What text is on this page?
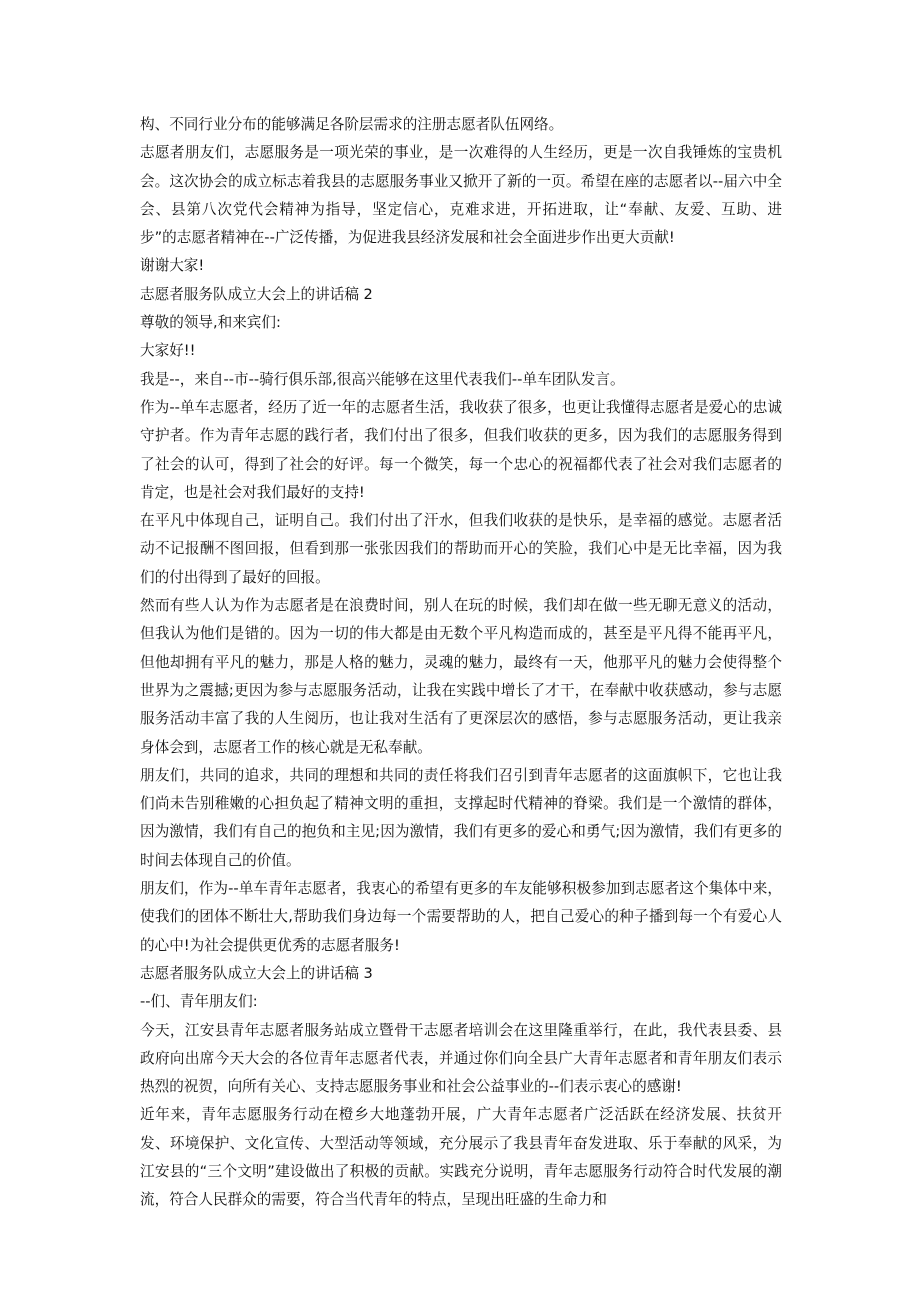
构、不同行业分布的能够满足各阶层需求的注册志愿者队伍网络。

志愿者朋友们，志愿服务是一项光荣的事业，是一次难得的人生经历，更是一次自我锤炼的宝贵机会。这次协会的成立标志着我县的志愿服务事业又掀开了新的一页。希望在座的志愿者以--届六中全会、县第八次党代会精神为指导，坚定信心，克难求进，开拓进取，让“奉献、友爱、互助、进步”的志愿者精神在--广泛传播，为促进我县经济发展和社会全面进步作出更大贡献!

谢谢大家!

志愿者服务队成立大会上的讲话稿 2

尊敬的领导,和来宾们:

大家好!!

我是--，来自--市--骑行俱乐部,很高兴能够在这里代表我们--单车团队发言。

作为--单车志愿者，经历了近一年的志愿者生活，我收获了很多，也更让我懂得志愿者是爱心的忠诚守护者。作为青年志愿的践行者，我们付出了很多，但我们收获的更多，因为我们的志愿服务得到了社会的认可，得到了社会的好评。每一个微笑，每一个忠心的祝福都代表了社会对我们志愿者的肯定，也是社会对我们最好的支持!

在平凡中体现自己，证明自己。我们付出了汗水，但我们收获的是快乐，是幸福的感觉。志愿者活动不记报酬不图回报，但看到那一张张因我们的帮助而开心的笑脸，我们心中是无比幸福，因为我们的付出得到了最好的回报。

然而有些人认为作为志愿者是在浪费时间，别人在玩的时候，我们却在做一些无聊无意义的活动，但我认为他们是错的。因为一切的伟大都是由无数个平凡构造而成的，甚至是平凡得不能再平凡，但他却拥有平凡的魅力，那是人格的魅力，灵魂的魅力，最终有一天，他那平凡的魅力会使得整个世界为之震撼;更因为参与志愿服务活动，让我在实践中增长了才干，在奉献中收获感动，参与志愿服务活动丰富了我的人生阅历，也让我对生活有了更深层次的感悟，参与志愿服务活动，更让我亲身体会到，志愿者工作的核心就是无私奉献。

朋友们，共同的追求，共同的理想和共同的责任将我们召引到青年志愿者的这面旗帜下，它也让我们尚未告别稚嫩的心担负起了精神文明的重担，支撑起时代精神的脊梁。我们是一个激情的群体，因为激情，我们有自己的抱负和主见;因为激情，我们有更多的爱心和勇气;因为激情，我们有更多的时间去体现自己的价值。

朋友们，作为--单车青年志愿者，我衷心的希望有更多的车友能够积极参加到志愿者这个集体中来，使我们的团体不断壮大,帮助我们身边每一个需要帮助的人，把自己爱心的种子播到每一个有爱心人的心中!为社会提供更优秀的志愿者服务!

志愿者服务队成立大会上的讲话稿 3

--们、青年朋友们:

今天，江安县青年志愿者服务站成立暨骨干志愿者培训会在这里隆重举行，在此，我代表县委、县政府向出席今天大会的各位青年志愿者代表，并通过你们向全县广大青年志愿者和青年朋友们表示热烈的祝贺，向所有关心、支持志愿服务事业和社会公益事业的--们表示衷心的感谢!

近年来，青年志愿服务行动在橙乡大地蓬勃开展，广大青年志愿者广泛活跃在经济发展、扶贫开发、环境保护、文化宣传、大型活动等领域，充分展示了我县青年奋发进取、乐于奉献的风采，为江安县的“三个文明”建设做出了积极的贡献。实践充分说明，青年志愿服务行动符合时代发展的潮流，符合人民群众的需要，符合当代青年的特点，呈现出旺盛的生命力和
